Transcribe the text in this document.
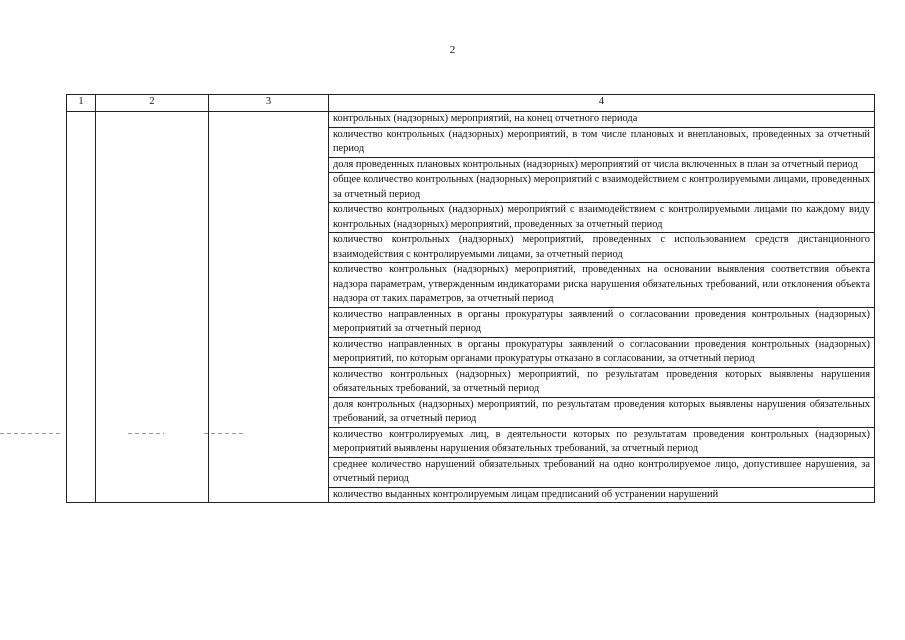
2
1	2	3	4
			контрольных (надзорных) мероприятий, на конец отчетного периода
			количество контрольных (надзорных) мероприятий, в том числе плановых и внеплановых, проведенных за отчетный период
			доля проведенных плановых контрольных (надзорных) мероприятий от числа включенных в план за отчетный период
			общее количество контрольных (надзорных) мероприятий с взаимодействием с контролируемыми лицами, проведенных за отчетный период
			количество контрольных (надзорных) мероприятий с взаимодействием с контролируемыми лицами по каждому виду контрольных (надзорных) мероприятий, проведенных за отчетный период
			количество контрольных (надзорных) мероприятий, проведенных с использованием средств дистанционного взаимодействия с контролируемыми лицами, за отчетный период
			количество контрольных (надзорных) мероприятий, проведенных на основании выявления соответствия объекта надзора параметрам, утвержденным индикаторами риска нарушения обязательных требований, или отклонения объекта надзора от таких параметров, за отчетный период
			количество направленных в органы прокуратуры заявлений о согласовании проведения контрольных (надзорных) мероприятий за отчетный период
			количество направленных в органы прокуратуры заявлений о согласовании проведения контрольных (надзорных) мероприятий, по которым органами прокуратуры отказано в согласовании, за отчетный период
			количество контрольных (надзорных) мероприятий, по результатам проведения которых выявлены нарушения обязательных требований, за отчетный период
			доля контрольных (надзорных) мероприятий, по результатам проведения которых выявлены нарушения обязательных требований, за отчетный период
			количество контролируемых лиц, в деятельности которых по результатам проведения контрольных (надзорных) мероприятий выявлены нарушения обязательных требований, за отчетный период
			среднее количество нарушений обязательных требований на одно контролируемое лицо, допустившее нарушения, за отчетный период
			количество выданных контролируемым лицам предписаний об устранении нарушений
